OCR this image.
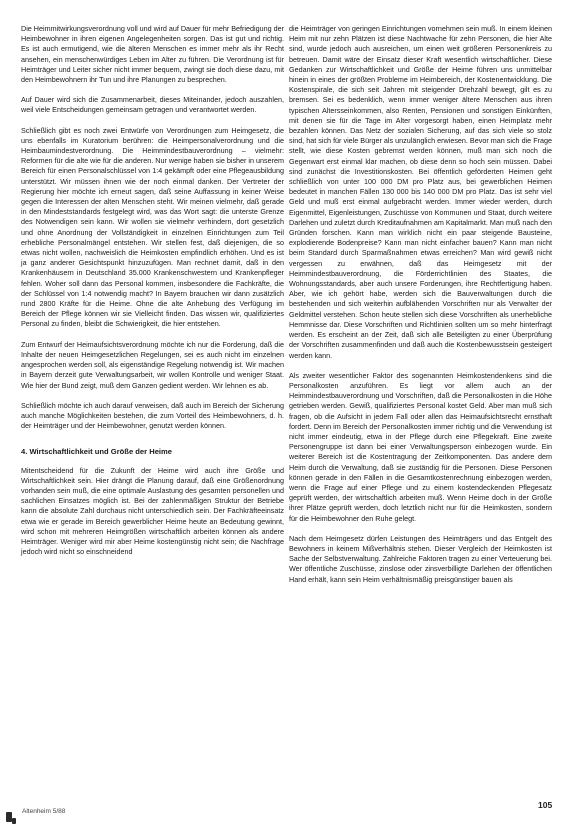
Die Heimmitwirkungsverordnung voll und wird auf Dauer für mehr Befriedigung der Heimbewohner in ihren eigenen Angelegenheiten sorgen. Das ist gut und richtig. Es ist auch ermutigend, wie die älteren Menschen es immer mehr als ihr Recht ansehen, ein menschenwürdiges Leben im Alter zu führen. Die Verordnung ist für Heimträger und Leiter sicher nicht immer bequem, zwingt sie doch diese dazu, mit den Heimbewohnern ihr Tun und ihre Planungen zu besprechen.

Auf Dauer wird sich die Zusammenarbeit, dieses Miteinander, jedoch auszahlen, weil viele Entscheidungen gemeinsam getragen und verantwortet werden.

Schließlich gibt es noch zwei Entwürfe von Verordnungen zum Heimgesetz, die uns ebenfalls im Kuratorium berühren: die Heimpersonalverordnung und die Heimbaumindestverordnung. Die Heimmindestbauverordnung – vielmehr: Reformen für die alte wie für die anderen. Nur wenige haben sie bisher in unserem Bereich für einen Personalschlüssel von 1:4 gekämpft oder eine Pflegeausbildung unterstützt. Wir müssen ihnen wie der noch einmal danken. Der Vertreter der Regierung hier möchte ich erneut sagen, daß seine Auffassung in keiner Weise gegen die Interessen der alten Menschen steht. Wir meinen vielmehr, daß gerade in den Mindeststandards festgelegt wird, was das Wort sagt: die unterste Grenze des Notwendigen sein kann. Wir wollen sie vielmehr verhindern, dort gesetzlich und ohne Anordnung der Vollständigkeit in einzelnen Einrichtungen zum Teil erhebliche Personalmängel entstehen. Wir stellen fest, daß diejenigen, die so etwas nicht wollen, nachweislich die Heimkosten empfindlich erhöhen. Und es ist ja ganz anderer Gesichtspunkt hinzuzufügen. Man rechnet damit, daß in den Krankenhäusern in Deutschland 35.000 Krankenschwestern und Krankenpfleger fehlen. Woher soll dann das Personal kommen, insbesondere die Fachkräfte, die der Schlüssel von 1:4 notwendig macht? In Bayern brauchen wir dann zusätzlich rund 2800 Kräfte für die Heime. Ohne die alte Anhebung des Verfügung im Bereich der Pflege können wir sie Vielleicht finden. Das wissen wir, qualifiziertes Personal zu finden, bleibt die Schwierigkeit, die hier entstehen.

Zum Entwurf der Heimaufsichtsverordnung möchte ich nur die Forderung, daß die Inhalte der neuen Heimgesetzlichen Regelungen, sei es auch nicht im einzelnen angesprochen werden soll, als eigenständige Regelung notwendig ist. Wir machen in Bayern derzeit gute Verwaltungsarbeit, wir wollen Kontrolle und weniger Staat. Wie hier der Bund zeigt, muß dem Ganzen gedient werden. Wir lehnen es ab.

Schließlich möchte ich auch darauf verweisen, daß auch im Bereich der Sicherung auch manche Möglichkeiten bestehen, die zum Vorteil des Heimbewohners, d. h. der Heimträger und der Heimbewohner, genutzt werden können.

4. Wirtschaftlichkeit und Größe der Heime

Mitentscheidend für die Zukunft der Heime wird auch ihre Größe und Wirtschaftlichkeit sein. Hier drängt die Planung darauf, daß eine Größenordnung vorhanden sein muß, die eine optimale Auslastung des gesamten personellen und sachlichen Einsatzes möglich ist. Bei der zahlenmäßigen Struktur der Betriebe kann die absolute Zahl durchaus nicht unterschiedlich sein. Der Fachkräfteeinsatz etwa wie er gerade im Bereich gewerblicher Heime heute an Bedeutung gewinnt, wird schon mit mehreren Heimgrößen wirtschaftlich arbeiten können als andere Heimträger. Weniger wird mir aber Heime kostengünstig nicht sein; die Nachfrage jedoch wird nicht so einschneidend

die Heimträger von geringen Einrichtungen vornehmen sein muß. In einem kleinen Heim mit nur zehn Plätzen ist diese Nachtwache für zehn Personen, die hier Alte sind, wurde jedoch auch ausreichen, um einen weit größeren Personenkreis zu betreuen. Damit wäre der Einsatz dieser Kraft wesentlich wirtschaftlicher. Diese Gedanken zur Wirtschaftlichkeit und Größe der Heime führen uns unmittelbar hinein in eines der größten Probleme im Heimbereich, der Kostenentwicklung. Die Kostenspirale, die sich seit Jahren mit steigender Drehzahl bewegt, gilt es zu bremsen. Sei es bedenklich, wenn immer weniger ältere Menschen aus ihren typischen Altersseinkommen, also Renten, Pensionen und sonstigen Einkünften, mit denen sie für die Tage im Alter vorgesorgt haben, einen Heimplatz mehr bezahlen können. Das Netz der sozialen Sicherung, auf das sich viele so stolz sind, hat sich für viele Bürger als unzulänglich erwiesen. Bevor man sich die Frage stellt, wie diese Kosten gebremst werden können, muß man sich noch die Gegenwart erst einmal klar machen, ob diese denn so hoch sein müssen. Dabei sind zunächst die Investitionskosten. Bei öffentlich geförderten Heimen geht schließlich von unter 100 000 DM pro Platz aus, bei gewerblichen Heimen bedeutet in manchen Fällen 130 000 bis 140 000 DM pro Platz. Das ist sehr viel Geld und muß erst einmal aufgebracht werden. Immer wieder werden, durch Eigenmittel, Eigenleistungen, Zuschüsse von Kommunen und Staat, durch weitere Darlehen und zuletzt durch Kreditaufnahmen am Kapitalmarkt. Man muß nach den Gründen forschen. Kann man wirklich nicht ein paar steigende Bausteine, explodierende Bodenpreise? Kann man nicht einfacher bauen? Kann man nicht beim Standard durch Sparmaßnahmen etwas erreichen? Man wird gewiß nicht vergessen zu erwähnen, daß das Heimgesetz mit der Heimmindestbauverordnung, die Förderrichtlinien des Staates, die Wohnungsstandards, aber auch unsere Forderungen, ihre Rechtfertigung haben. Aber, wie ich gehört habe, werden sich die Bauverwaltungen durch die bestehenden und sich weiterhin aufblähenden Vorschriften nur als Verwalter der Geldmittel verstehen. Schon heute stellen sich diese Vorschriften als unerhebliche Hemmnisse dar. Diese Vorschriften und Richtlinien sollten um so mehr hinterfragt werden. Es erscheint an der Zeit, daß sich alle Beteiligten zu einer Überprüfung der Vorschriften zusammenfinden und daß auch die Kostenbewusstsein gesteigert werden kann.

Als zweiter wesentlicher Faktor des sogenannten Heimkostendenkens sind die Personalkosten anzuführen. Es liegt vor allem auch an der Heimmindestbauverordnung und Vorschriften, daß die Personalkosten in die Höhe getrieben werden. Gewiß, qualifiziertes Personal kostet Geld. Aber man muß sich fragen, ob die Aufsicht in jedem Fall oder allen das Heimaufsichtsrecht ernsthaft fordert. Denn im Bereich der Personalkosten immer richtig und die Verwendung ist nicht immer eindeutig, etwa in der Pflege durch eine Pflegekraft. Eine zweite Personengruppe ist dann bei einer Verwaltungsperson einbezogen wurde. Ein weiterer Bereich ist die Kostentragung der Zeitkomponenten. Das andere dem Heim durch die Verwaltung, daß sie zuständig für die Personen. Diese Personen können gerade in den Fällen in die Gesamtkostenrechnung einbezogen werden, wenn die Frage auf einer Pflege und zu einem kostendeckenden Pflegesatz geprüft werden, der wirtschaftlich arbeiten muß. Wenn Heime doch in der Größe ihrer Plätze geprüft werden, doch letztlich nicht nur für die Heimkosten, sondern für die Heimbewohner den Ruhe gelegt.

Nach dem Heimgesetz dürfen Leistungen des Heimträgers und das Entgelt des Bewohners in keinem Mißverhältnis stehen. Dieser Vergleich der Heimkosten ist Sache der Selbstverwaltung. Zahlreiche Faktoren tragen zu einer Verteuerung bei. Wer öffentliche Zuschüsse, zinslose oder zinsverbilligte Darlehen der öffentlichen Hand erhält, kann sein Heim verhältnismäßig preisgünstiger bauen als

Altenheim 5/88
105
